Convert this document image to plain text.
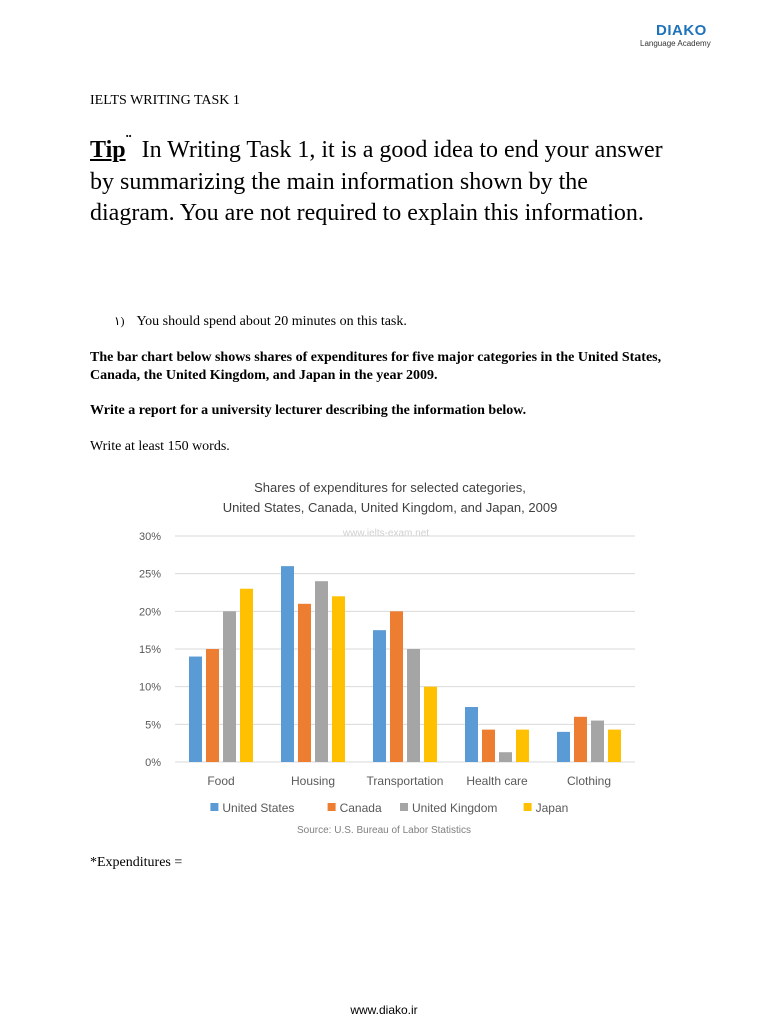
DIAKO
Language Academy
IELTS WRITING TASK 1
Tip¨ In Writing Task 1, it is a good idea to end your answer by summarizing the main information shown by the diagram. You are not required to explain this information.
۱) You should spend about 20 minutes on this task.
The bar chart below shows shares of expenditures for five major categories in the United States, Canada, the United Kingdom, and Japan in the year 2009.
Write a report for a university lecturer describing the information below.
Write at least 150 words.
Shares of expenditures for selected categories,
United States, Canada, United Kingdom, and Japan, 2009
www.ielts-exam.net
0%
5%
10%
15%
20%
25%
30%
Food	Housing	Transportation Health care	Clothing
United States	Canada	United Kingdom	Japan
Source: U.S. Bureau of Labor Statistics
*Expenditures =
www.diako.ir
